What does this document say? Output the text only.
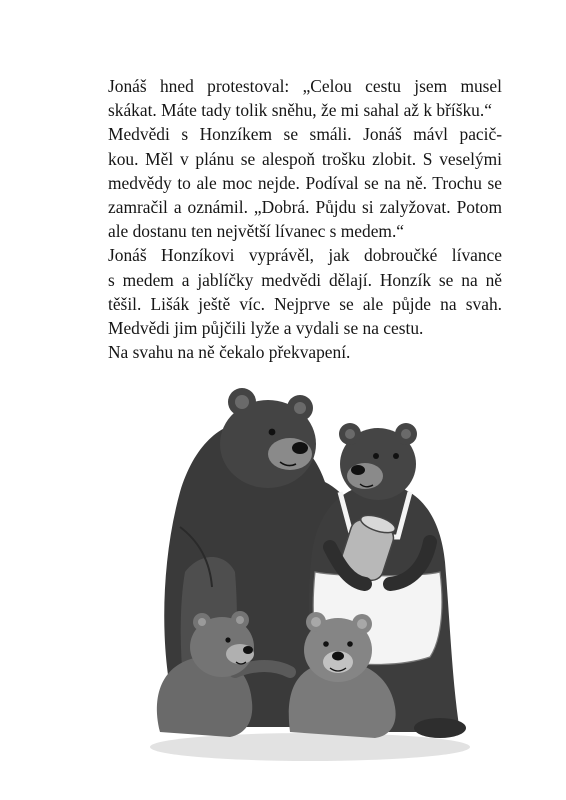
Jonáš hned protestoval: „Celou cestu jsem musel
skákat. Máte tady tolik sněhu, že mi sahal až k bříšku.“

Medvědi s Honzíkem se smáli. Jonáš mávl pacič-
kou. Měl v plánu se alespoň trošku zlobit. S veselými
medvědy to ale moc nejde. Podíval se na ně. Trochu se
zamračil a oznámil. „Dobrá. Půjdu si zalyžovat. Potom
ale dostanu ten největší lívanec s medem.“

Jonáš Honzíkovi vyprávěl, jak dobroučké lívance
s medem a jablíčky medvědi dělají. Honzík se na ně
těšil. Lišák ještě víc. Nejprve se ale půjde na svah.
Medvědi jim půjčili lyže a vydali se na cestu.

Na svahu na ně čekalo překvapení.
